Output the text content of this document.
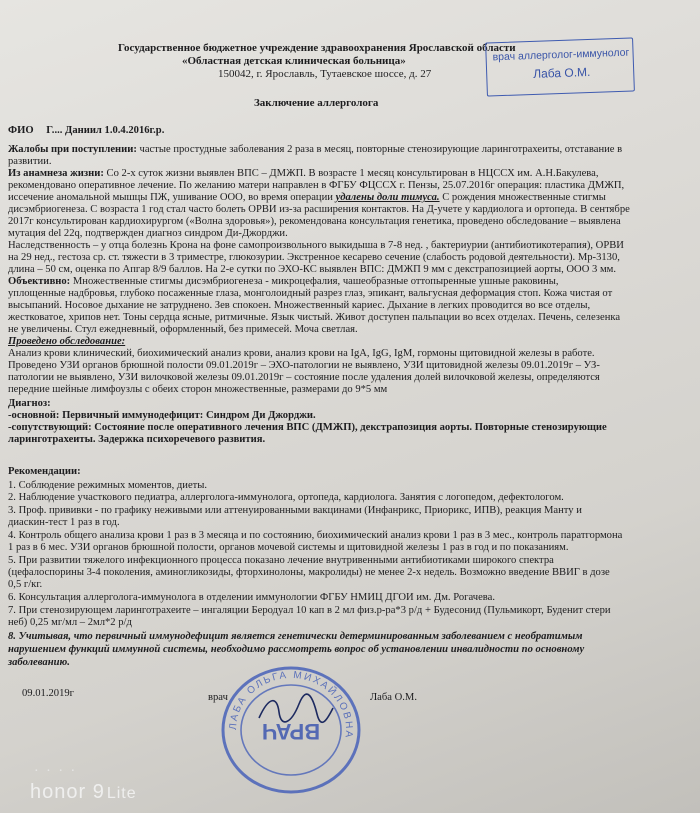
Государственное бюджетное учреждение здравоохранения Ярославской области
«Областная детская клиническая больница»
150042, г. Ярославль, Тутаевское шоссе, д. 27
врач аллерголог-иммунолог
Лаба О.М.
Заключение аллерголога
ФИО Г.... Даниил 1.0.4.2016г.р.
Жалобы при поступлении: частые простудные заболевания 2 раза в месяц, повторные стенозирующие ларинготрахеиты, отставание в
развитии.
Из анамнеза жизни: Со 2-х суток жизни выявлен ВПС – ДМЖП. В возрасте 1 месяц консультирован в НЦССХ им. А.Н.Бакулева,
рекомендовано оперативное лечение. По желанию матери направлен в ФГБУ ФЦССХ г. Пензы, 25.07.2016г операция: пластика ДМЖП,
иссечение аномальной мышцы ПЖ, ушивание ООО, во время операции удалены доли тимуса. С рождения множественные стигмы
дисэмбриогенеза. С возраста 1 год стал часто болеть ОРВИ из-за расширения контактов. На Д-учете у кардиолога и ортопеда. В сентябре
2017г консультирован кардиохирургом («Волна здоровья»), рекомендована консультация генетика, проведено обследование – выявлена
мутация del 22q, подтвержден диагноз синдром Ди-Джорджи.
Наследственность – у отца болезнь Крона на фоне самопроизвольного выкидыша в 7-8 нед. , бактериурии (антибиотикотерапия), ОРВИ
на 29 нед., гестоза ср. ст. тяжести в 3 триместре, глюкозурии. Экстренное кесарево сечение (слабость родовой деятельности). Мр-3130,
длина – 50 см, оценка по Апгар 8/9 баллов. На 2-е сутки по ЭХО-КС выявлен ВПС: ДМЖП 9 мм с декстрапозицией аорты, ООО 3 мм.
Объективно: Множественные стигмы дисэмбриогенеза - микроцефалия, чашеобразные оттопыренные ушные раковины,
уплощенные надбровья, глубоко посаженные глаза, монголоидный разрез глаз, эпикант, вальгусная деформация стоп. Кожа чистая от
высыпаний. Носовое дыхание не затруднено. Зев спокоен. Множественный кариес. Дыхание в легких проводится во все отделы,
жестковатое, хрипов нет. Тоны сердца ясные, ритмичные. Язык чистый. Живот доступен пальпации во всех отделах. Печень, селезенка
не увеличены. Стул ежедневный, оформленный, без примесей. Моча светлая.
Проведено обследование:
Анализ крови клинический, биохимический анализ крови, анализ крови на IgA, IgG, IgM, гормоны щитовидной железы в работе.
Проведено УЗИ органов брюшной полости 09.01.2019г – ЭХО-патологии не выявлено, УЗИ щитовидной железы 09.01.2019г – УЗ-
патологии не выявлено, УЗИ вилочковой железы 09.01.2019г – состояние после удаления долей вилочковой железы, определяются
передние шейные лимфоузлы с обеих сторон множественные, размерами до 9*5 мм
Диагноз:
-основной: Первичный иммунодефицит: Синдром Ди Джорджи.
-сопутствующий: Состояние после оперативного лечения ВПС (ДМЖП), декстрапозиция аорты. Повторные стенозирующие
ларинготрахеиты. Задержка психоречевого развития.
Рекомендации:
1. Соблюдение режимных моментов, диеты.
2. Наблюдение участкового педиатра, аллерголога-иммунолога, ортопеда, кардиолога. Занятия с логопедом, дефектологом.
3. Проф. прививки - по графику неживыми или аттенуированными вакцинами (Инфанрикс, Приорикс, ИПВ), реакция Манту и
диаскин-тест 1 раз в год.
4. Контроль общего анализа крови 1 раз в 3 месяца и по состоянию, биохимический анализ крови 1 раз в 3 мес., контроль паратгормона
1 раз в 6 мес. УЗИ органов брюшной полости, органов мочевой системы и щитовидной железы 1 раз в год и по показаниям.
5. При развитии тяжелого инфекционного процесса показано лечение внутривенными антибиотиками широкого спектра
(цефалоспорины 3-4 поколения, аминогликозиды, фторхинолоны, макролиды) не менее 2-х недель. Возможно введение ВВИГ в дозе
0,5 г/кг.
6. Консультация аллерголога-иммунолога в отделении иммунологии ФГБУ НМИЦ ДГОИ им. Дм. Рогачева.
7. При стенозирующем ларинготрахеите – ингаляции Беродуал 10 кап в 2 мл физ.р-ра*3 р/д + Будесонид (Пульмикорт, Буденит стери
неб) 0,25 мг/мл – 2мл*2 р/д
8. Учитывая, что первичный иммунодефицит является генетически детерминированным заболеванием с необратимым
нарушением функций иммунной системы, необходимо рассмотреть вопрос об установлении инвалидности по основному
заболеванию.
09.01.2019г	врач	Лаба О.М.
ЛАБА ОЛЬГА МИХАЙЛОВНА
ВРАЧ
· · · ·
honor 9 Lite
